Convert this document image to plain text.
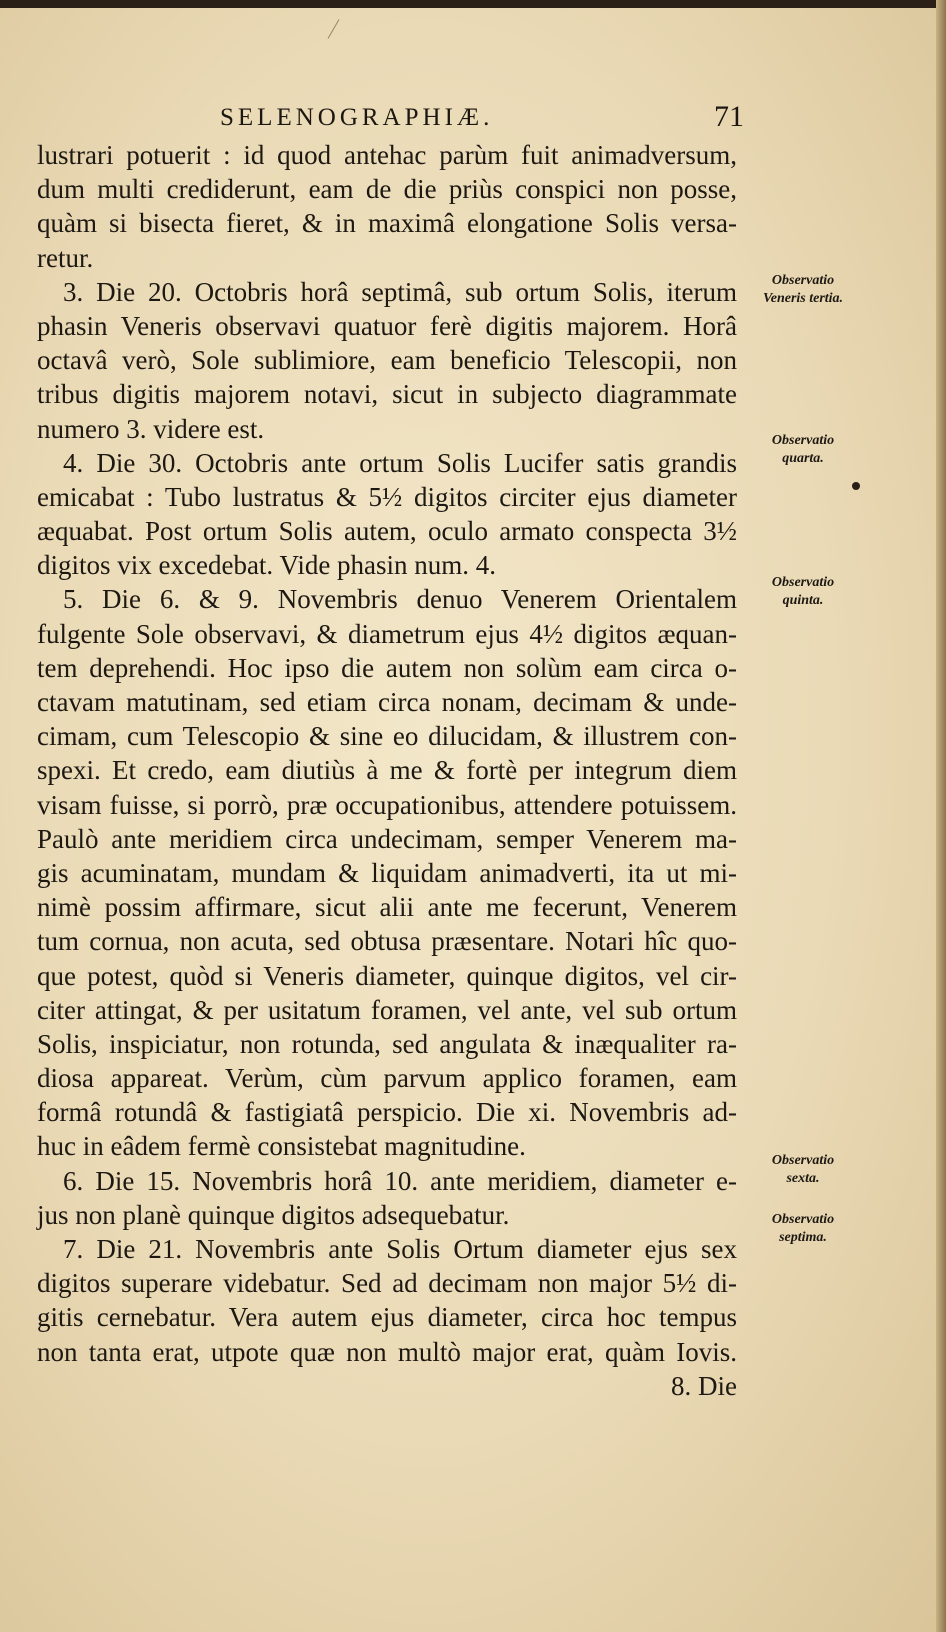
SELENOGRAPHIÆ.	71
lustrari potuerit : id quod antehac parùm fuit animadversum,
dum multi crediderunt, eam de die priùs conspici non posse,
quàm si bisecta fieret, & in maximâ elongatione Solis versa-
retur.
3. Die 20. Octobris horâ septimâ, sub ortum Solis, iterum
phasin Veneris observavi quatuor ferè digitis majorem. Horâ
octavâ verò, Sole sublimiore, eam beneficio Telescopii, non
tribus digitis majorem notavi, sicut in subjecto diagrammate
numero 3. videre est.
4. Die 30. Octobris ante ortum Solis Lucifer satis grandis
emicabat : Tubo lustratus & 5½ digitos circiter ejus diameter
æquabat. Post ortum Solis autem, oculo armato conspecta 3½
digitos vix excedebat. Vide phasin num. 4.
5. Die 6. & 9. Novembris denuo Venerem Orientalem
fulgente Sole observavi, & diametrum ejus 4½ digitos æquan-
tem deprehendi. Hoc ipso die autem non solùm eam circa o-
ctavam matutinam, sed etiam circa nonam, decimam & unde-
cimam, cum Telescopio & sine eo dilucidam, & illustrem con-
spexi. Et credo, eam diutiùs à me & fortè per integrum diem
visam fuisse, si porrò, præ occupationibus, attendere potuissem.
Paulò ante meridiem circa undecimam, semper Venerem ma-
gis acuminatam, mundam & liquidam animadverti, ita ut mi-
nimè possim affirmare, sicut alii ante me fecerunt, Venerem
tum cornua, non acuta, sed obtusa præsentare. Notari hîc quo-
que potest, quòd si Veneris diameter, quinque digitos, vel cir-
citer attingat, & per usitatum foramen, vel ante, vel sub ortum
Solis, inspiciatur, non rotunda, sed angulata & inæqualiter ra-
diosa appareat. Verùm, cùm parvum applico foramen, eam
formâ rotundâ & fastigiatâ perspicio. Die xi. Novembris ad-
huc in eâdem fermè consistebat magnitudine.
6. Die 15. Novembris horâ 10. ante meridiem, diameter e-
jus non planè quinque digitos adsequebatur.
7. Die 21. Novembris ante Solis Ortum diameter ejus sex
digitos superare videbatur. Sed ad decimam non major 5½ di-
gitis cernebatur. Vera autem ejus diameter, circa hoc tempus
non tanta erat, utpote quæ non multò major erat, quàm Iovis.
8. Die
Observatio Veneris tertia.
Observatio quarta.
Observatio quinta.
Observatio sexta.
Observatio septima.
